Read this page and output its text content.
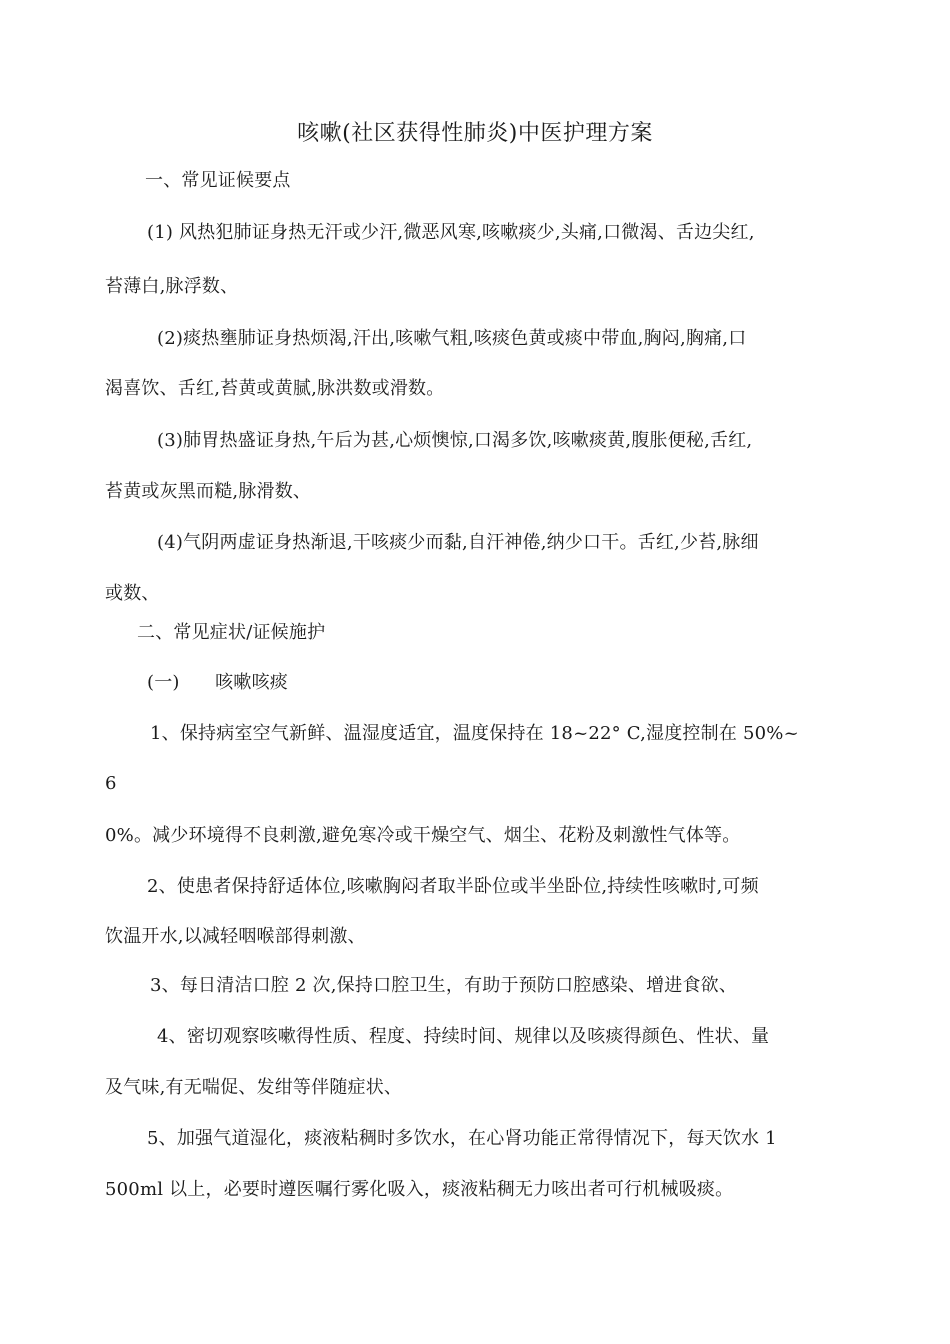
咳嗽(社区获得性肺炎)中医护理方案
一、常见证候要点
(1) 风热犯肺证身热无汗或少汗,微恶风寒,咳嗽痰少,头痛,口微渴、舌边尖红,
苔薄白,脉浮数、
(2)痰热壅肺证身热烦渴,汗出,咳嗽气粗,咳痰色黄或痰中带血,胸闷,胸痛,口
渴喜饮、舌红,苔黄或黄腻,脉洪数或滑数。
(3)肺胃热盛证身热,午后为甚,心烦懊惊,口渴多饮,咳嗽痰黄,腹胀便秘,舌红,
苔黄或灰黑而糙,脉滑数、
(4)气阴两虚证身热渐退,干咳痰少而黏,自汗神倦,纳少口干。舌红,少苔,脉细
或数、
二、常见症状/证候施护
(一)      咳嗽咳痰
1、保持病室空气新鲜、温湿度适宜，温度保持在 18~22° C,湿度控制在 50%~
6
0%。减少环境得不良刺激,避免寒冷或干燥空气、烟尘、花粉及刺激性气体等。
2、使患者保持舒适体位,咳嗽胸闷者取半卧位或半坐卧位,持续性咳嗽时,可频
饮温开水,以减轻咽喉部得刺激、
3、每日清洁口腔 2 次,保持口腔卫生，有助于预防口腔感染、增进食欲、
4、密切观察咳嗽得性质、程度、持续时间、规律以及咳痰得颜色、性状、量
及气味,有无喘促、发绀等伴随症状、
5、加强气道湿化，痰液粘稠时多饮水，在心肾功能正常得情况下，每天饮水 1
500ml 以上，必要时遵医嘱行雾化吸入，痰液粘稠无力咳出者可行机械吸痰。
